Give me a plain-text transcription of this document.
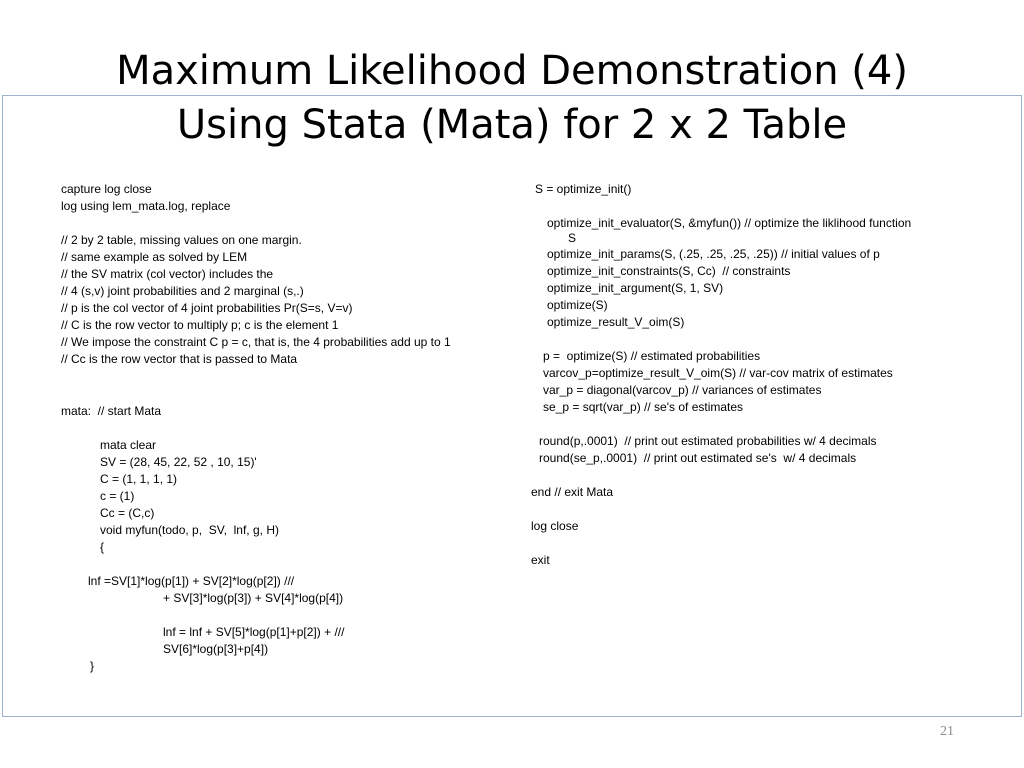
Maximum Likelihood Demonstration (4)
Using Stata (Mata) for 2 x 2 Table
capture log close
log using lem_mata.log, replace
// 2 by 2 table, missing values on one margin.
// same example as solved by LEM
// the SV matrix (col vector) includes the
// 4 (s,v) joint probabilities and 2 marginal (s,.)
// p is the col vector of 4 joint probabilities Pr(S=s, V=v)
// C is the row vector to multiply p; c is the element 1
// We impose the constraint C p = c, that is, the 4 probabilities add up to 1
// Cc is the row vector that is passed to Mata
mata:  // start Mata
mata clear
SV = (28, 45, 22, 52 , 10, 15)'
C = (1, 1, 1, 1)
c = (1)
Cc = (C,c)
void myfun(todo, p,  SV,  lnf, g, H)
{
lnf =SV[1]*log(p[1]) + SV[2]*log(p[2]) ///
+ SV[3]*log(p[3]) + SV[4]*log(p[4])
lnf = lnf + SV[5]*log(p[1]+p[2]) + ///
SV[6]*log(p[3]+p[4])
}
S = optimize_init()
optimize_init_evaluator(S, &myfun()) // optimize the liklihood function
S
optimize_init_params(S, (.25, .25, .25, .25)) // initial values of p
optimize_init_constraints(S, Cc)  // constraints
optimize_init_argument(S, 1, SV)
optimize(S)
optimize_result_V_oim(S)
p =  optimize(S) // estimated probabilities
varcov_p=optimize_result_V_oim(S) // var-cov matrix of estimates
var_p = diagonal(varcov_p) // variances of estimates
se_p = sqrt(var_p) // se's of estimates
round(p,.0001)  // print out estimated probabilities w/ 4 decimals
round(se_p,.0001)  // print out estimated se's  w/ 4 decimals
end // exit Mata
log close
exit
21
